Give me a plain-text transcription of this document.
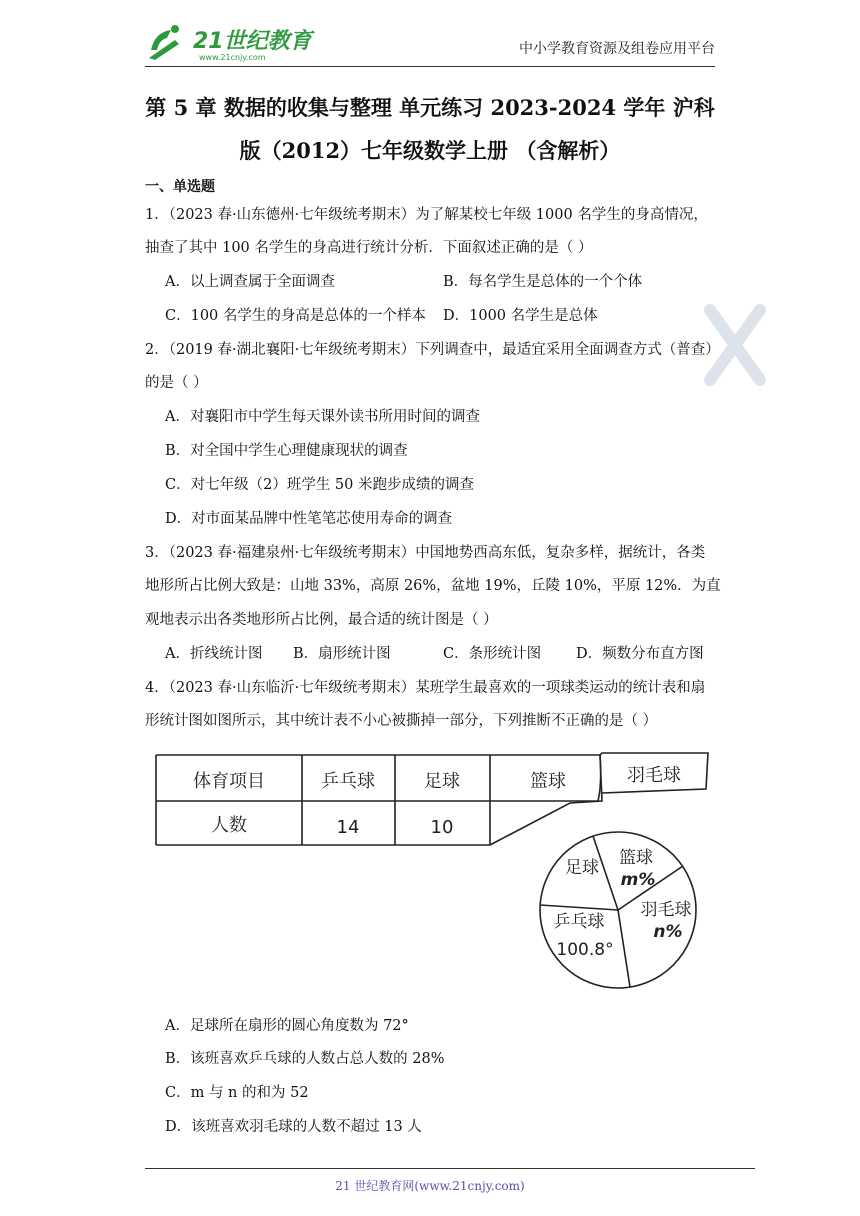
21世纪教育
www.21cnjy.com
中小学教育资源及组卷应用平台
第 5 章 数据的收集与整理 单元练习 2023-2024 学年 沪科
版（2012）七年级数学上册 （含解析）
一、单选题
1．（2023 春·山东德州·七年级统考期末）为了解某校七年级 1000 名学生的身高情况，
抽查了其中 100 名学生的身高进行统计分析．下面叙述正确的是（ ）
A．以上调查属于全面调查	B．每名学生是总体的一个个体
C．100 名学生的身高是总体的一个样本 D．1000 名学生是总体
2．（2019 春·湖北襄阳·七年级统考期末）下列调查中，最适宜采用全面调查方式（普查）
的是（ ）
A．对襄阳市中学生每天课外读书所用时间的调查
B．对全国中学生心理健康现状的调查
C．对七年级（2）班学生 50 米跑步成绩的调查
D．对市面某品牌中性笔笔芯使用寿命的调查
3．（2023 春·福建泉州·七年级统考期末）中国地势西高东低，复杂多样，据统计，各类
地形所占比例大致是：山地 33%，高原 26%，盆地 19%，丘陵 10%，平原 12%．为直
观地表示出各类地形所占比例，最合适的统计图是（ ）
A．折线统计图 B．扇形统计图	C．条形统计图 D．频数分布直方图
4．（2023 春·山东临沂·七年级统考期末）某班学生最喜欢的一项球类运动的统计表和扇
形统计图如图所示，其中统计表不小心被撕掉一部分，下列推断不正确的是（ ）
体育项目	乒乓球	足球	篮球	羽毛球
人数	14	10
篮球
m%
足球
羽毛球
n%
乒乓球
100.8°
A．足球所在扇形的圆心角度数为 72°
B．该班喜欢乒乓球的人数占总人数的 28%
C．m 与 n 的和为 52
D．该班喜欢羽毛球的人数不超过 13 人
21 世纪教育网(www.21cnjy.com)
